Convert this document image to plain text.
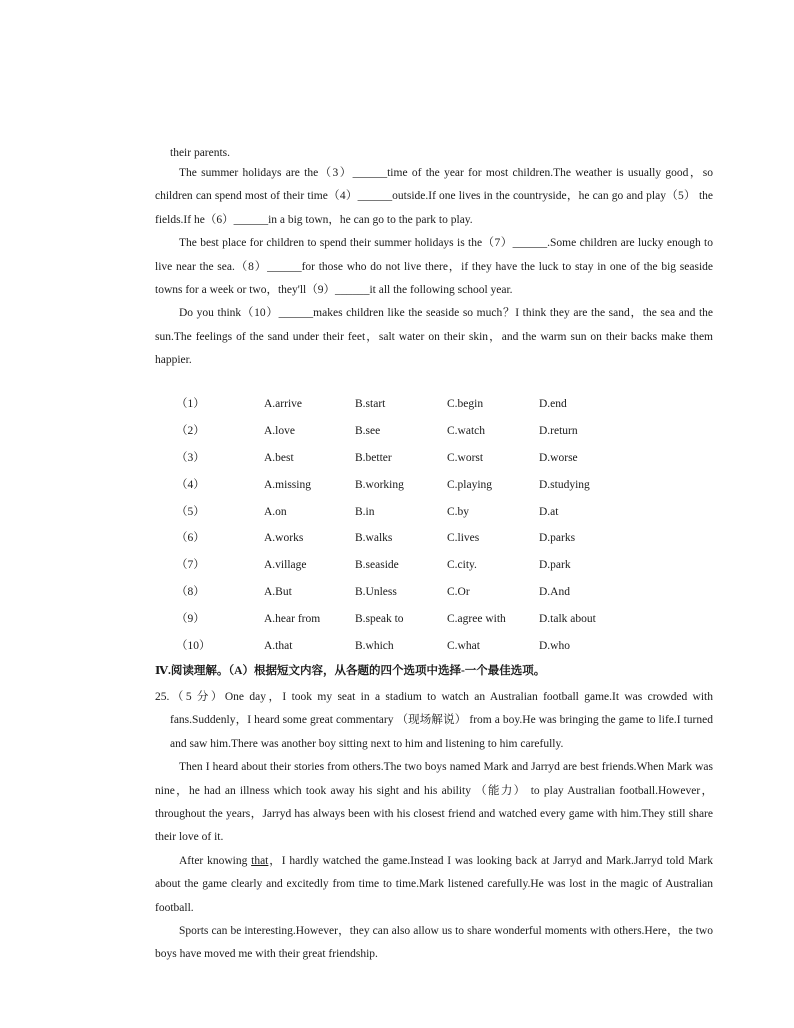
their parents.

The summer holidays are the（3）______time of the year for most children.The weather is usually good，so children can spend most of their time（4）______outside.If one lives in the countryside，he can go and play（5） the fields.If he（6）______in a big town，he can go to the park to play.

The best place for children to spend their summer holidays is the（7）______.Some children are lucky enough to live near the sea.（8）______for those who do not live there，if they have the luck to stay in one of the big seaside towns for a week or two，they'll（9）______it all the following school year.

Do you think（10）______makes children like the seaside so much？I think they are the sand，the sea and the sun.The feelings of the sand under their feet，salt water on their skin，and the warm sun on their backs make them happier.

（1）	A.arrive	B.start	C.begin	D.end
（2）	A.love	B.see	C.watch	D.return
（3）	A.best	B.better	C.worst	D.worse
（4）	A.missing	B.working	C.playing	D.studying
（5）	A.on	B.in	C.by	D.at
（6）	A.works	B.walks	C.lives	D.parks
（7）	A.village	B.seaside	C.city.	D.park
（8）	A.But	B.Unless	C.Or	D.And
（9）	A.hear from	B.speak to	C.agree with	D.talk about
（10）	A.that	B.which	C.what	D.who
Ⅳ.阅读理解。（A）根据短文内容，从各题的四个选项中选择-一个最佳选项。

25.（5 分）One day，I took my seat in a stadium to watch an Australian football game.It was crowded with fans.Suddenly，I heard some great commentary （现场解说） from a boy.He was bringing the game to life.I turned and saw him.There was another boy sitting next to him and listening to him carefully.

Then I heard about their stories from others.The two boys named Mark and Jarryd are best friends.When Mark was nine，he had an illness which took away his sight and his ability （能力） to play Australian football.However，throughout the years，Jarryd has always been with his closest friend and watched every game with him.They still share their love of it.

After knowing that，I hardly watched the game.Instead I was looking back at Jarryd and Mark.Jarryd told Mark about the game clearly and excitedly from time to time.Mark listened carefully.He was lost in the magic of Australian football.

Sports can be interesting.However，they can also allow us to share wonderful moments with others.Here，the two boys have moved me with their great friendship.
